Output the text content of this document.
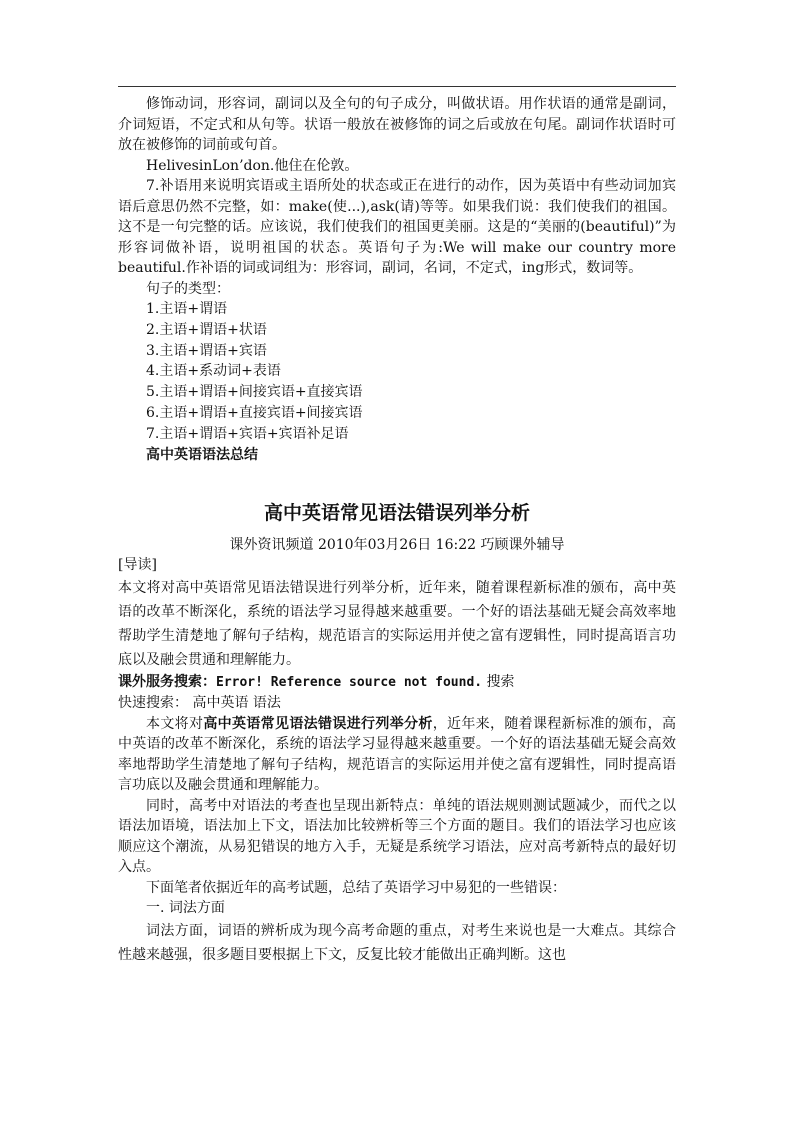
修饰动词，形容词，副词以及全句的句子成分，叫做状语。用作状语的通常是副词，介词短语，不定式和从句等。状语一般放在被修饰的词之后或放在句尾。副词作状语时可放在被修饰的词前或句首。

HelivesinLon’don.他住在伦敦。

7.补语用来说明宾语或主语所处的状态或正在进行的动作，因为英语中有些动词加宾语后意思仍然不完整，如：make(使...),ask(请)等等。如果我们说：我们使我们的祖国。这不是一句完整的话。应该说，我们使我们的祖国更美丽。这是的“美丽的(beautiful)”为形容词做补语，说明祖国的状态。英语句子为:We will make our country more beautiful.作补语的词或词组为：形容词，副词，名词，不定式，ing形式，数词等。

句子的类型：

1.主语+谓语

2.主语+谓语+状语

3.主语+谓语+宾语

4.主语+系动词+表语

5.主语+谓语+间接宾语+直接宾语

6.主语+谓语+直接宾语+间接宾语

7.主语+谓语+宾语+宾语补足语

高中英语语法总结

高中英语常见语法错误列举分析

课外资讯频道 2010年03月26日 16:22 巧顾课外辅导

[导读]

本文将对高中英语常见语法错误进行列举分析，近年来，随着课程新标准的颁布，高中英语的改革不断深化，系统的语法学习显得越来越重要。一个好的语法基础无疑会高效率地帮助学生清楚地了解句子结构，规范语言的实际运用并使之富有逻辑性，同时提高语言功底以及融会贯通和理解能力。

课外服务搜索：Error! Reference source not found. 搜索

快速搜索： 高中英语 语法

本文将对高中英语常见语法错误进行列举分析，近年来，随着课程新标准的颁布，高中英语的改革不断深化，系统的语法学习显得越来越重要。一个好的语法基础无疑会高效率地帮助学生清楚地了解句子结构，规范语言的实际运用并使之富有逻辑性，同时提高语言功底以及融会贯通和理解能力。

同时，高考中对语法的考查也呈现出新特点：单纯的语法规则测试题减少，而代之以语法加语境，语法加上下文，语法加比较辨析等三个方面的题目。我们的语法学习也应该顺应这个潮流，从易犯错误的地方入手，无疑是系统学习语法，应对高考新特点的最好切入点。

下面笔者依据近年的高考试题，总结了英语学习中易犯的一些错误：

一. 词法方面

词法方面，词语的辨析成为现今高考命题的重点，对考生来说也是一大难点。其综合性越来越强，很多题目要根据上下文，反复比较才能做出正确判断。这也
